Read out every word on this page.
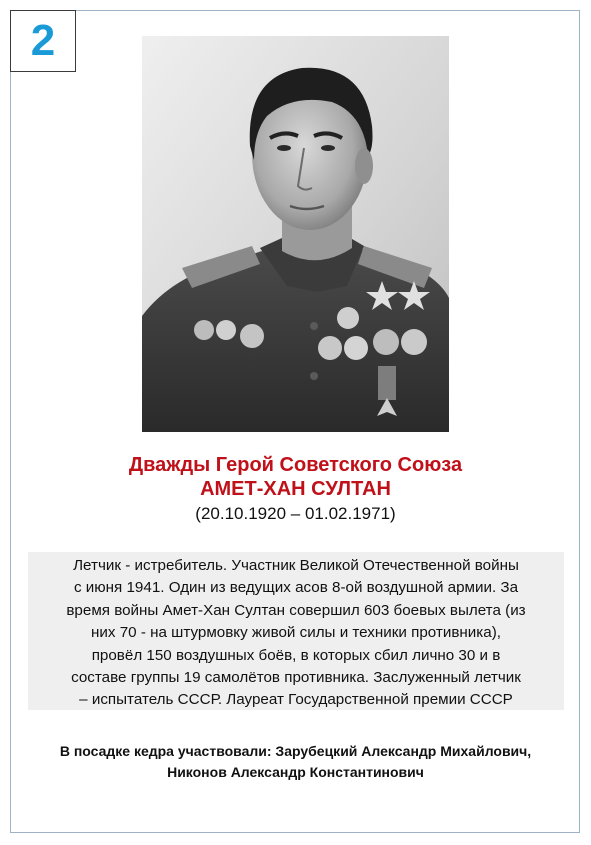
2
Дважды Герой Советского Союза
АМЕТ-ХАН СУЛТАН
(20.10.1920 – 01.02.1971)
Летчик - истребитель. Участник Великой Отечественной войны
с июня 1941. Один из ведущих асов 8-ой воздушной армии. За
время войны Амет-Хан Султан совершил 603 боевых вылета (из
них 70 - на штурмовку живой силы и техники противника),
провёл 150 воздушных боёв, в которых сбил лично 30 и в
составе группы 19 самолётов противника. Заслуженный летчик
– испытатель СССР. Лауреат Государственной премии СССР
В посадке кедра участвовали: Зарубецкий Александр Михайлович,
Никонов Александр Константинович
